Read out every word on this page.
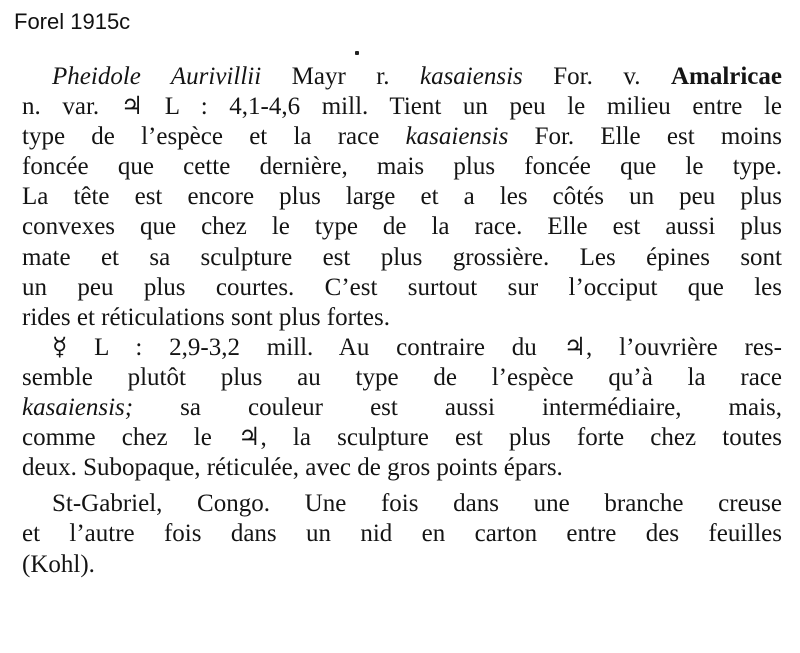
Forel 1915c
Pheidole Aurivillii Mayr r. kasaiensis For. v. Amalricae
n. var. ♃ L : 4,1-4,6 mill. Tient un peu le milieu entre le
type de l’espèce et la race kasaiensis For. Elle est moins
foncée que cette dernière, mais plus foncée que le type.
La tête est encore plus large et a les côtés un peu plus
convexes que chez le type de la race. Elle est aussi plus
mate et sa sculpture est plus grossière. Les épines sont
un peu plus courtes. C’est surtout sur l’occiput que les
rides et réticulations sont plus fortes.
☿ L : 2,9-3,2 mill. Au contraire du ♃, l’ouvrière res-
semble plutôt plus au type de l’espèce qu’à la race
kasaiensis; sa couleur est aussi intermédiaire, mais,
comme chez le ♃, la sculpture est plus forte chez toutes
deux. Subopaque, réticulée, avec de gros points épars.
St-Gabriel, Congo. Une fois dans une branche creuse
et l’autre fois dans un nid en carton entre des feuilles
(Kohl).
